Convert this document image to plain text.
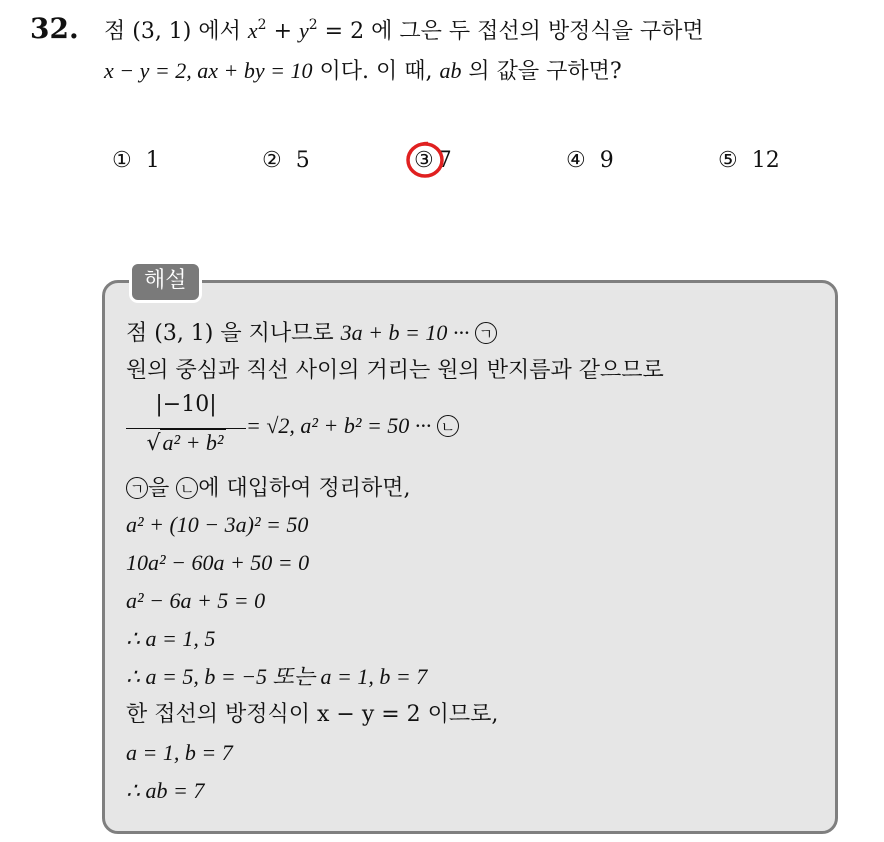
32. 점 (3, 1) 에서 $x^2 + y^2 = 2$ 에 그은 두 접선의 방정식을 구하면
x − y = 2, ax + by = 10 이다. 이 때, ab 의 값을 구하면?
① 1	② 5	③ 7	④ 9	⑤ 12
해설
점 (3, 1) 을 지나므로 3a + b = 10 ··· ㄱ
원의 중심과 직선 사이의 거리는 원의 반지름과 같으므로
|−10|
√a² + b²
= √2, a² + b² = 50 ··· ㄴ
ㄱ 을 ㄴ 에 대입하여 정리하면,
a² + (10 − 3a)² = 50
10a² − 60a + 50 = 0
a² − 6a + 5 = 0
∴ a = 1, 5
∴ a = 5, b = −5 또는 a = 1, b = 7
한 접선의 방정식이 x − y = 2 이므로,
a = 1, b = 7
∴ ab = 7
